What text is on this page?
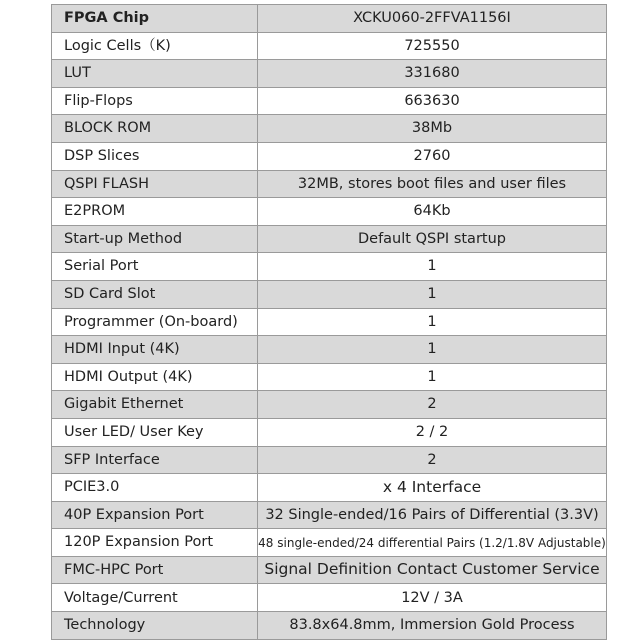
FPGA Chip	XCKU060-2FFVA1156I
Logic Cells（K)	725550
LUT	331680
Flip-Flops	663630
BLOCK ROM	38Mb
DSP Slices	2760
QSPI FLASH	32MB, stores boot files and user files
E2PROM	64Kb
Start-up Method	Default QSPI startup
Serial Port	1
SD Card Slot	1
Programmer (On-board)	1
HDMI Input (4K)	1
HDMI Output (4K)	1
Gigabit Ethernet	2
User LED/ User Key	2 / 2
SFP Interface	2
PCIE3.0	x 4 Interface
40P Expansion Port	32 Single-ended/16 Pairs of Differential (3.3V)
120P Expansion Port	48 single-ended/24 differential Pairs (1.2/1.8V Adjustable)
FMC-HPC Port	Signal Definition Contact Customer Service
Voltage/Current	12V / 3A
Technology	83.8x64.8mm, Immersion Gold Process
